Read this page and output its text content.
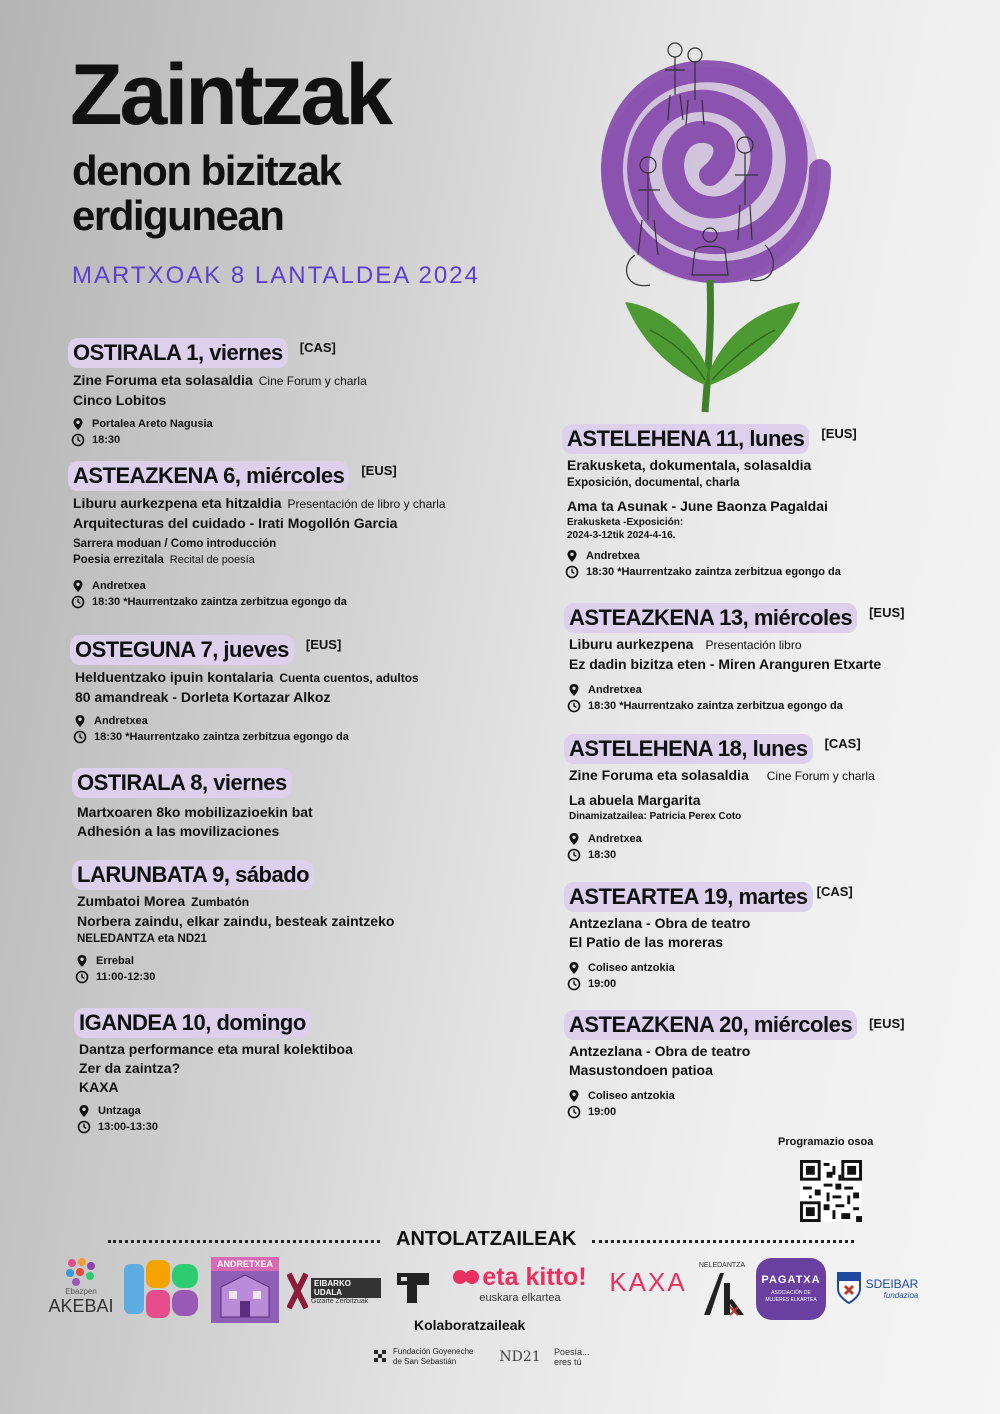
Zaintzak
denon bizitzak
erdigunean
MARTXOAK 8 LANTALDEA 2024
OSTIRALA 1, viernes	[CAS]
Zine Foruma eta solasaldia Cine Forum y charla
Cinco Lobitos
Portalea Areto Nagusia
18:30
ASTEAZKENA 6, miércoles	[EUS]
Liburu aurkezpena eta hitzaldia Presentación de libro y charla
Arquitecturas del cuidado - Irati Mogollón Garcia
Sarrera moduan / Como introducción
Poesia errezitala Recital de poesía
Andretxea
18:30 *Haurrentzako zaintza zerbitzua egongo da
OSTEGUNA 7, jueves	[EUS]
Helduentzako ipuin kontalaria Cuenta cuentos, adultos
80 amandreak - Dorleta Kortazar Alkoz
Andretxea
18:30 *Haurrentzako zaintza zerbitzua egongo da
OSTIRALA 8, viernes
Martxoaren 8ko mobilizazioekin bat
Adhesión a las movilizaciones
LARUNBATA 9, sábado
Zumbatoi Morea Zumbatón
Norbera zaindu, elkar zaindu, besteak zaintzeko
NELEDANTZA eta ND21
Errebal
11:00-12:30
IGANDEA 10, domingo
Dantza performance eta mural kolektiboa
Zer da zaintza?
KAXA
Untzaga
13:00-13:30
ASTELEHENA 11, lunes	[EUS]
Erakusketa, dokumentala, solasaldia
Exposición, documental, charla
Ama ta Asunak - June Baonza Pagaldai
Erakusketa -Exposición:
2024-3-12tik 2024-4-16.
Andretxea
18:30 *Haurrentzako zaintza zerbitzua egongo da
ASTEAZKENA 13, miércoles	[EUS]
Liburu aurkezpena Presentación libro
Ez dadin bizitza eten - Miren Aranguren Etxarte
Andretxea
18:30 *Haurrentzako zaintza zerbitzua egongo da
ASTELEHENA 18, lunes	[CAS]
Zine Foruma eta solasaldia Cine Forum y charla
La abuela Margarita
Dinamizatzailea: Patricia Perex Coto
Andretxea
18:30
ASTEARTEA 19, martes [CAS]
Antzezlana - Obra de teatro
El Patio de las moreras
Coliseo antzokia
19:00
ASTEAZKENA 20, miércoles	[EUS]
Antzezlana - Obra de teatro
Masustondoen patioa
Coliseo antzokia
19:00
Programazio osoa
ANTOLATZAILEAK
Ebazpen
AKEBAI
ANDRETXEA
EIBARKO UDALA
Gizarte Zerbitzuak
eta kitto!
euskara elkartea
KAXA
NELEDANTZA
PAGATXA
ASOCIACIÓN DE MUJERES ELKARTEA
SDEIBAR
fundazioa
Kolaboratzaileak
Fundación Goyeneche
de San Sebastián	ND21	Poesía...
eres tú
